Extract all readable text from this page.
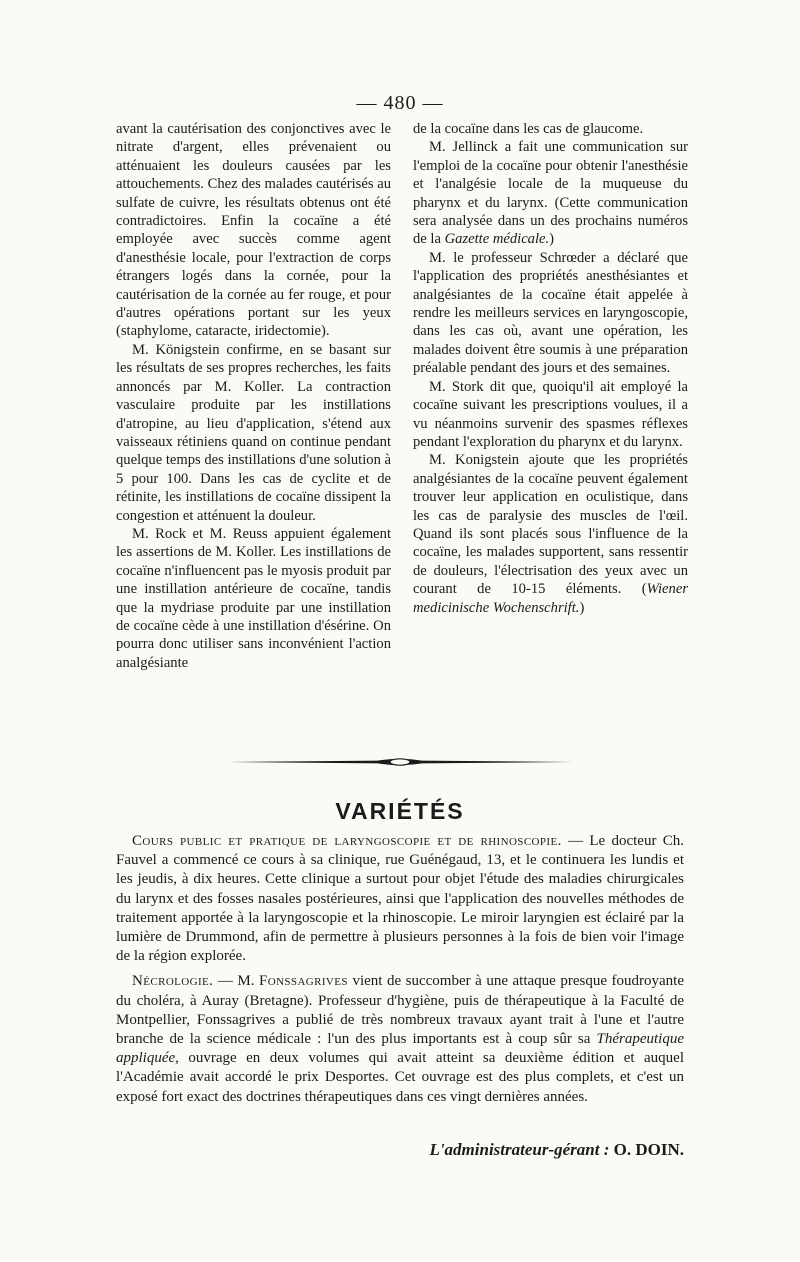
— 480 —

avant la cautérisation des conjonctives avec le nitrate d'argent, elles prévenaient ou atténuaient les douleurs causées par les attouchements. Chez des malades cautérisés au sulfate de cuivre, les résultats obtenus ont été contradictoires. Enfin la cocaïne a été employée avec succès comme agent d'anesthésie locale, pour l'extraction de corps étrangers logés dans la cornée, pour la cautérisation de la cornée au fer rouge, et pour d'autres opérations portant sur les yeux (staphylome, cataracte, iridectomie).

M. Königstein confirme, en se basant sur les résultats de ses propres recherches, les faits annoncés par M. Koller. La contraction vasculaire produite par les instillations d'atropine, au lieu d'application, s'étend aux vaisseaux rétiniens quand on continue pendant quelque temps des instillations d'une solution à 5 pour 100. Dans les cas de cyclite et de rétinite, les instillations de cocaïne dissipent la congestion et atténuent la douleur.

M. Rock et M. Reuss appuient également les assertions de M. Koller. Les instillations de cocaïne n'influencent pas le myosis produit par une instillation antérieure de cocaïne, tandis que la mydriase produite par une instillation de cocaïne cède à une instillation d'ésérine. On pourra donc utiliser sans inconvénient l'action analgésiante

de la cocaïne dans les cas de glaucome.

M. Jellinck a fait une communication sur l'emploi de la cocaïne pour obtenir l'anesthésie et l'analgésie locale de la muqueuse du pharynx et du larynx. (Cette communication sera analysée dans un des prochains numéros de la Gazette médicale.)

M. le professeur Schrœder a déclaré que l'application des propriétés anesthésiantes et analgésiantes de la cocaïne était appelée à rendre les meilleurs services en laryngoscopie, dans les cas où, avant une opération, les malades doivent être soumis à une préparation préalable pendant des jours et des semaines.

M. Stork dit que, quoiqu'il ait employé la cocaïne suivant les prescriptions voulues, il a vu néanmoins survenir des spasmes réflexes pendant l'exploration du pharynx et du larynx.

M. Konigstein ajoute que les propriétés analgésiantes de la cocaïne peuvent également trouver leur application en oculistique, dans les cas de paralysie des muscles de l'œil. Quand ils sont placés sous l'influence de la cocaïne, les malades supportent, sans ressentir de douleurs, l'électrisation des yeux avec un courant de 10-15 éléments. (Wiener medicinische Wochenschrift.)

VARIÉTÉS

Cours public et pratique de laryngoscopie et de rhinoscopie. — Le docteur Ch. Fauvel a commencé ce cours à sa clinique, rue Guénégaud, 13, et le continuera les lundis et les jeudis, à dix heures. Cette clinique a surtout pour objet l'étude des maladies chirurgicales du larynx et des fosses nasales postérieures, ainsi que l'application des nouvelles méthodes de traitement apportée à la laryngoscopie et la rhinoscopie. Le miroir laryngien est éclairé par la lumière de Drummond, afin de permettre à plusieurs personnes à la fois de bien voir l'image de la région explorée.

Nécrologie. — M. Fonssagrives vient de succomber à une attaque presque foudroyante du choléra, à Auray (Bretagne). Professeur d'hygiène, puis de thérapeutique à la Faculté de Montpellier, Fonssagrives a publié de très nombreux travaux ayant trait à l'une et l'autre branche de la science médicale : l'un des plus importants est à coup sûr sa Thérapeutique appliquée, ouvrage en deux volumes qui avait atteint sa deuxième édition et auquel l'Académie avait accordé le prix Desportes. Cet ouvrage est des plus complets, et c'est un exposé fort exact des doctrines thérapeutiques dans ces vingt dernières années.

L'administrateur-gérant : O. DOIN.
